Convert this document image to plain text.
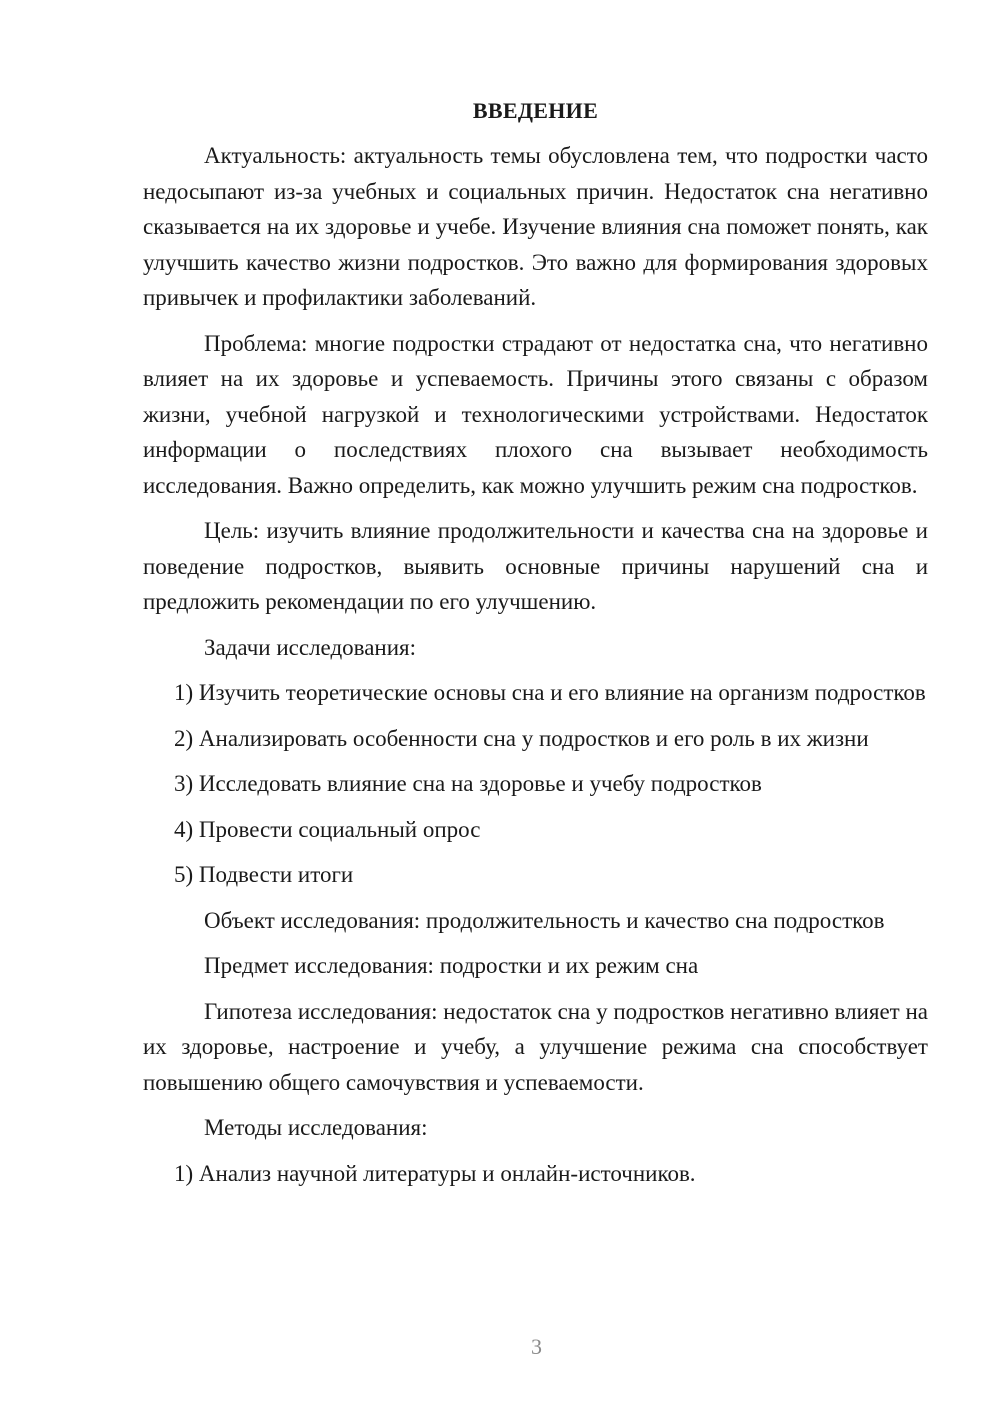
ВВЕДЕНИЕ

Актуальность: актуальность темы обусловлена тем, что подростки часто недосыпают из-за учебных и социальных причин. Недостаток сна негативно сказывается на их здоровье и учебе. Изучение влияния сна поможет понять, как улучшить качество жизни подростков. Это важно для формирования здоровых привычек и профилактики заболеваний.

Проблема: многие подростки страдают от недостатка сна, что негативно влияет на их здоровье и успеваемость. Причины этого связаны с образом жизни, учебной нагрузкой и технологическими устройствами. Недостаток информации о последствиях плохого сна вызывает необходимость исследования. Важно определить, как можно улучшить режим сна подростков.

Цель: изучить влияние продолжительности и качества сна на здоровье и поведение подростков, выявить основные причины нарушений сна и предложить рекомендации по его улучшению.

Задачи исследования:

1) Изучить теоретические основы сна и его влияние на организм подростков

2) Анализировать особенности сна у подростков и его роль в их жизни

3) Исследовать влияние сна на здоровье и учебу подростков

4) Провести социальный опрос

5) Подвести итоги

Объект исследования: продолжительность и качество сна подростков

Предмет исследования: подростки и их режим сна

Гипотеза исследования: недостаток сна у подростков негативно влияет на их здоровье, настроение и учебу, а улучшение режима сна способствует повышению общего самочувствия и успеваемости.

Методы исследования:

1) Анализ научной литературы и онлайн-источников.

3
